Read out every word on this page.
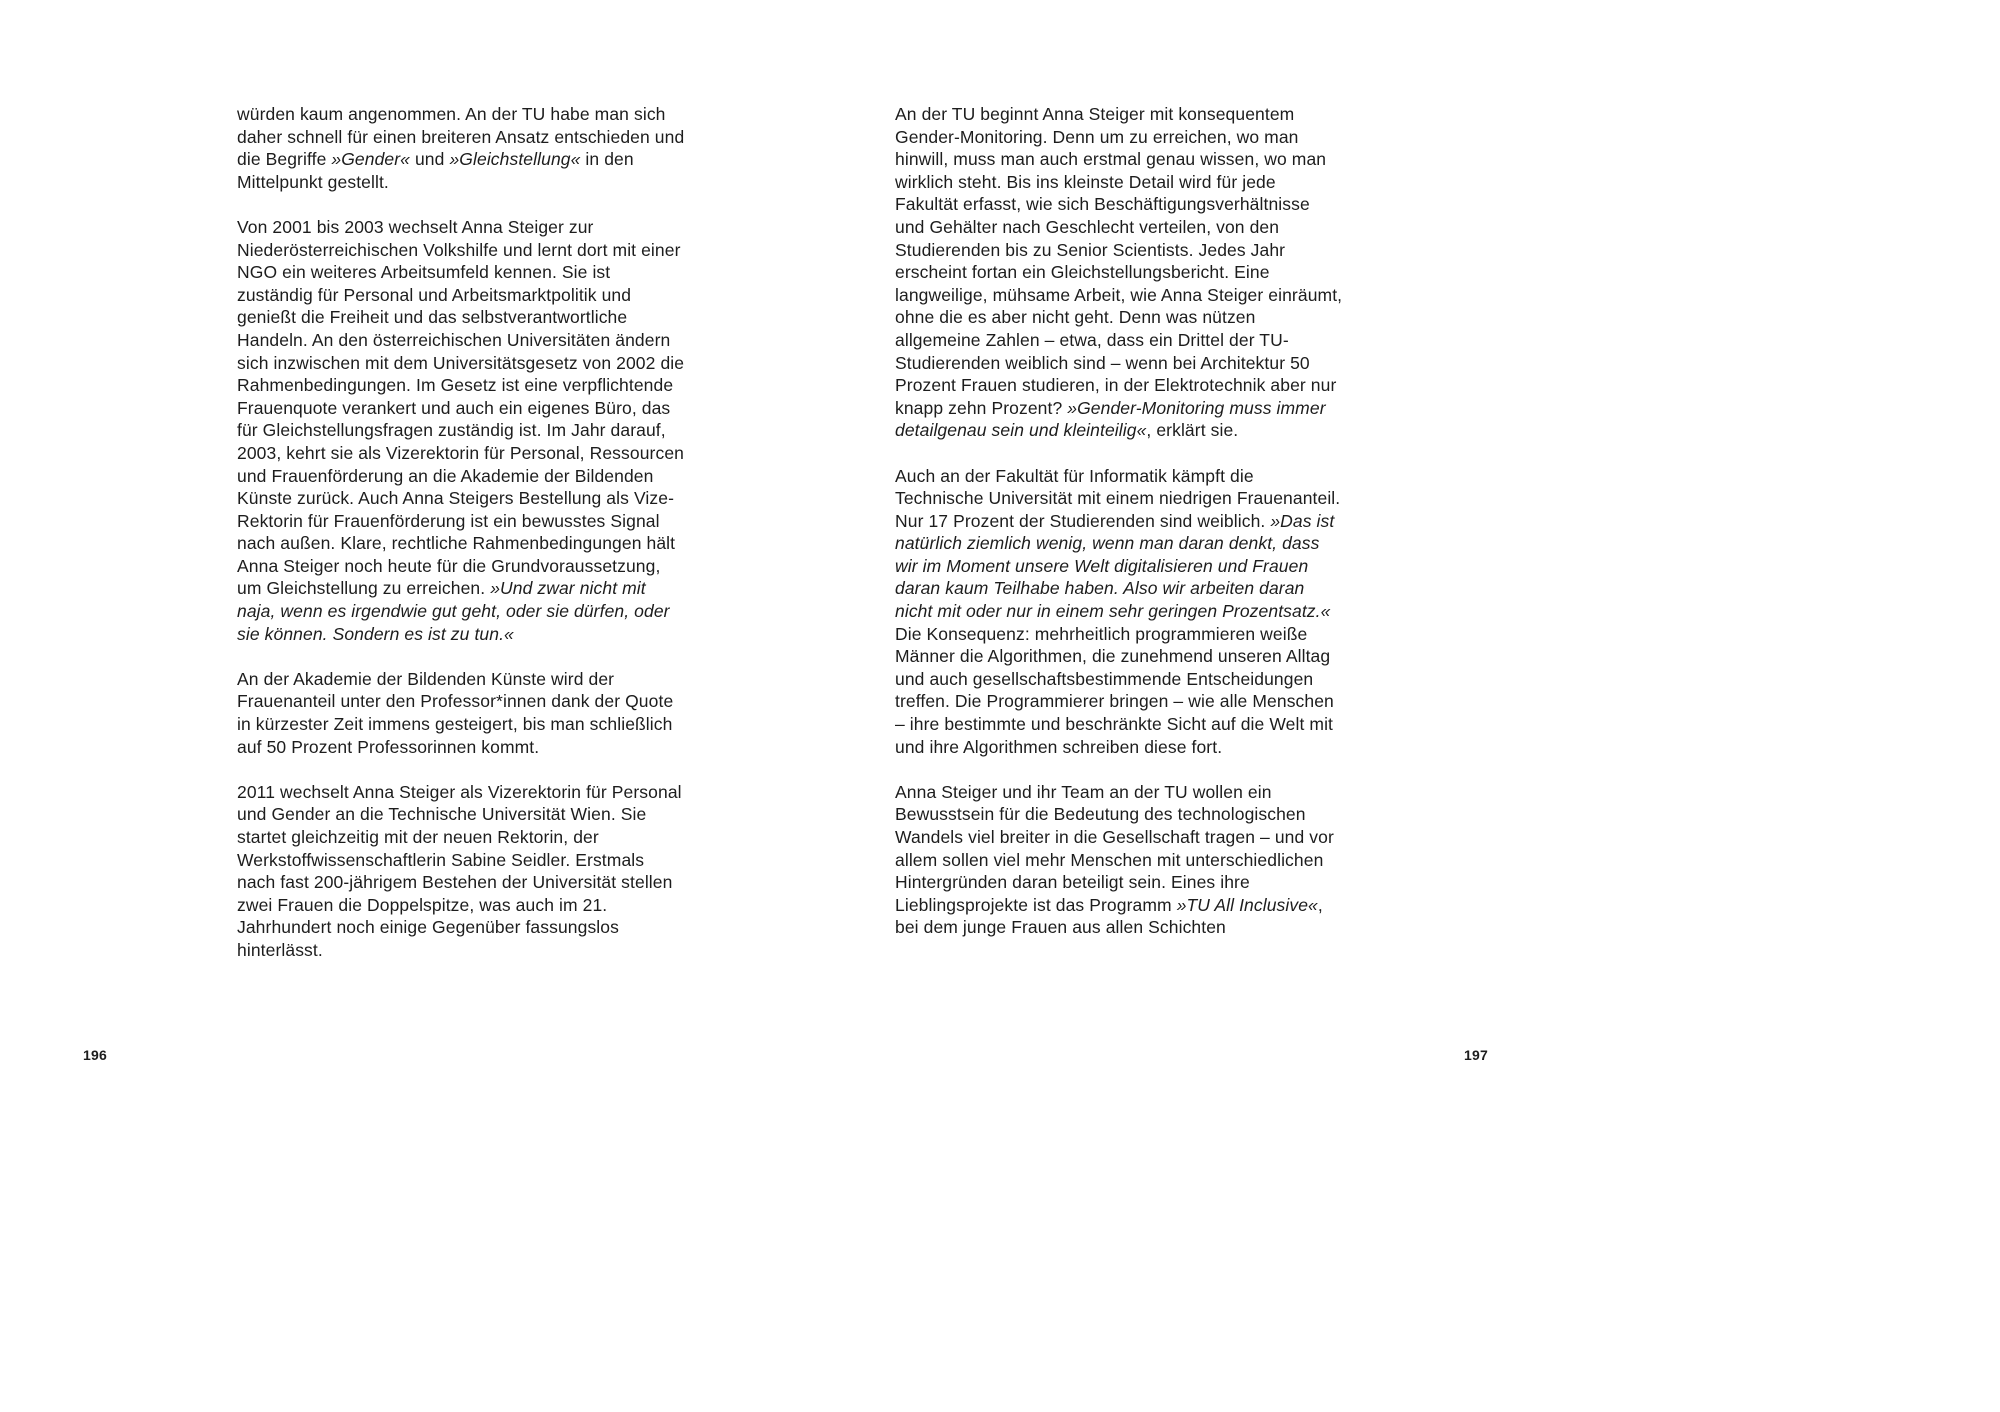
würden kaum angenommen. An der TU habe man sich daher schnell für einen breiteren Ansatz entschieden und die Begriffe »Gender« und »Gleichstellung« in den Mittelpunkt gestellt.

Von 2001 bis 2003 wechselt Anna Steiger zur Niederösterreichischen Volkshilfe und lernt dort mit einer NGO ein weiteres Arbeitsumfeld kennen. Sie ist zuständig für Personal und Arbeitsmarktpolitik und genießt die Freiheit und das selbstverantwortliche Handeln. An den österreichischen Universitäten ändern sich inzwischen mit dem Universitätsgesetz von 2002 die Rahmenbedingungen. Im Gesetz ist eine verpflichtende Frauenquote verankert und auch ein eigenes Büro, das für Gleichstellungsfragen zuständig ist. Im Jahr darauf, 2003, kehrt sie als Vizerektorin für Personal, Ressourcen und Frauenförderung an die Akademie der Bildenden Künste zurück. Auch Anna Steigers Bestellung als Vize-Rektorin für Frauenförderung ist ein bewusstes Signal nach außen. Klare, rechtliche Rahmenbedingungen hält Anna Steiger noch heute für die Grundvoraussetzung, um Gleichstellung zu erreichen. »Und zwar nicht mit naja, wenn es irgendwie gut geht, oder sie dürfen, oder sie können. Sondern es ist zu tun.«

An der Akademie der Bildenden Künste wird der Frauenanteil unter den Professor*innen dank der Quote in kürzester Zeit immens gesteigert, bis man schließlich auf 50 Prozent Professorinnen kommt.

2011 wechselt Anna Steiger als Vizerektorin für Personal und Gender an die Technische Universität Wien. Sie startet gleichzeitig mit der neuen Rektorin, der Werkstoffwissenschaftlerin Sabine Seidler. Erstmals nach fast 200-jährigem Bestehen der Universität stellen zwei Frauen die Doppelspitze, was auch im 21. Jahrhundert noch einige Gegenüber fassungslos hinterlässt.

An der TU beginnt Anna Steiger mit konsequentem Gender-Monitoring. Denn um zu erreichen, wo man hinwill, muss man auch erstmal genau wissen, wo man wirklich steht. Bis ins kleinste Detail wird für jede Fakultät erfasst, wie sich Beschäftigungsverhältnisse und Gehälter nach Geschlecht verteilen, von den Studierenden bis zu Senior Scientists. Jedes Jahr erscheint fortan ein Gleichstellungsbericht. Eine langweilige, mühsame Arbeit, wie Anna Steiger einräumt, ohne die es aber nicht geht. Denn was nützen allgemeine Zahlen – etwa, dass ein Drittel der TU-Studierenden weiblich sind – wenn bei Architektur 50 Prozent Frauen studieren, in der Elektrotechnik aber nur knapp zehn Prozent? »Gender-Monitoring muss immer detailgenau sein und kleinteilig«, erklärt sie.

Auch an der Fakultät für Informatik kämpft die Technische Universität mit einem niedrigen Frauenanteil. Nur 17 Prozent der Studierenden sind weiblich. »Das ist natürlich ziemlich wenig, wenn man daran denkt, dass wir im Moment unsere Welt digitalisieren und Frauen daran kaum Teilhabe haben. Also wir arbeiten daran nicht mit oder nur in einem sehr geringen Prozentsatz.« Die Konsequenz: mehrheitlich programmieren weiße Männer die Algorithmen, die zunehmend unseren Alltag und auch gesellschaftsbestimmende Entscheidungen treffen. Die Programmierer bringen – wie alle Menschen – ihre bestimmte und beschränkte Sicht auf die Welt mit und ihre Algorithmen schreiben diese fort.

Anna Steiger und ihr Team an der TU wollen ein Bewusstsein für die Bedeutung des technologischen Wandels viel breiter in die Gesellschaft tragen – und vor allem sollen viel mehr Menschen mit unterschiedlichen Hintergründen daran beteiligt sein. Eines ihre Lieblingsprojekte ist das Programm »TU All Inclusive«, bei dem junge Frauen aus allen Schichten

196	197
